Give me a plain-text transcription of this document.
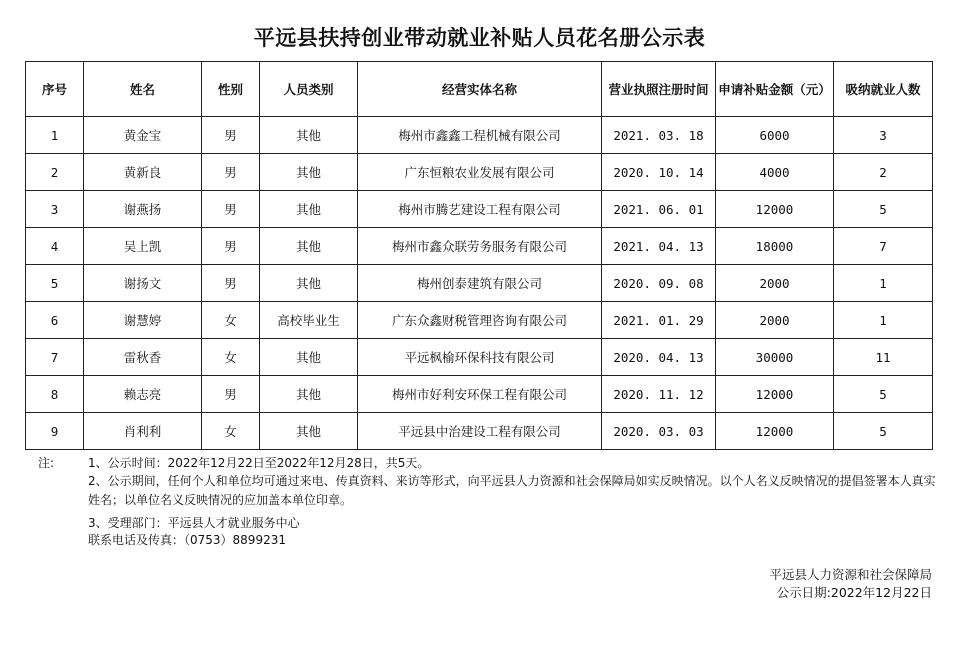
平远县扶持创业带动就业补贴人员花名册公示表
序号	姓名	性别	人员类别	经营实体名称	营业执照注册时间	申请补贴金额（元）	吸纳就业人数
1	黄金宝	男	其他	梅州市鑫鑫工程机械有限公司	2021. 03. 18	6000	3
2	黄新良	男	其他	广东恒粮农业发展有限公司	2020. 10. 14	4000	2
3	谢燕扬	男	其他	梅州市腾艺建设工程有限公司	2021. 06. 01	12000	5
4	吴上凯	男	其他	梅州市鑫众联劳务服务有限公司	2021. 04. 13	18000	7
5	谢扬文	男	其他	梅州创泰建筑有限公司	2020. 09. 08	2000	1
6	谢慧婷	女	高校毕业生	广东众鑫财税管理咨询有限公司	2021. 01. 29	2000	1
7	雷秋香	女	其他	平远枫榆环保科技有限公司	2020. 04. 13	30000	11
8	赖志亮	男	其他	梅州市好利安环保工程有限公司	2020. 11. 12	12000	5
9	肖利利	女	其他	平远县中治建设工程有限公司	2020. 03. 03	12000	5
注:	1、公示时间：2022年12月22日至2022年12月28日，共5天。
2、公示期间，任何个人和单位均可通过来电、传真资料、来访等形式，向平远县人力资源和社会保障局如实反映情况。以个人名义反映情况的提倡签署本人真实姓名；以单位名义反映情况的应加盖本单位印章。
3、受理部门：平远县人才就业服务中心
联系电话及传真：（0753）8899231
平远县人力资源和社会保障局
公示日期:2022年12月22日
